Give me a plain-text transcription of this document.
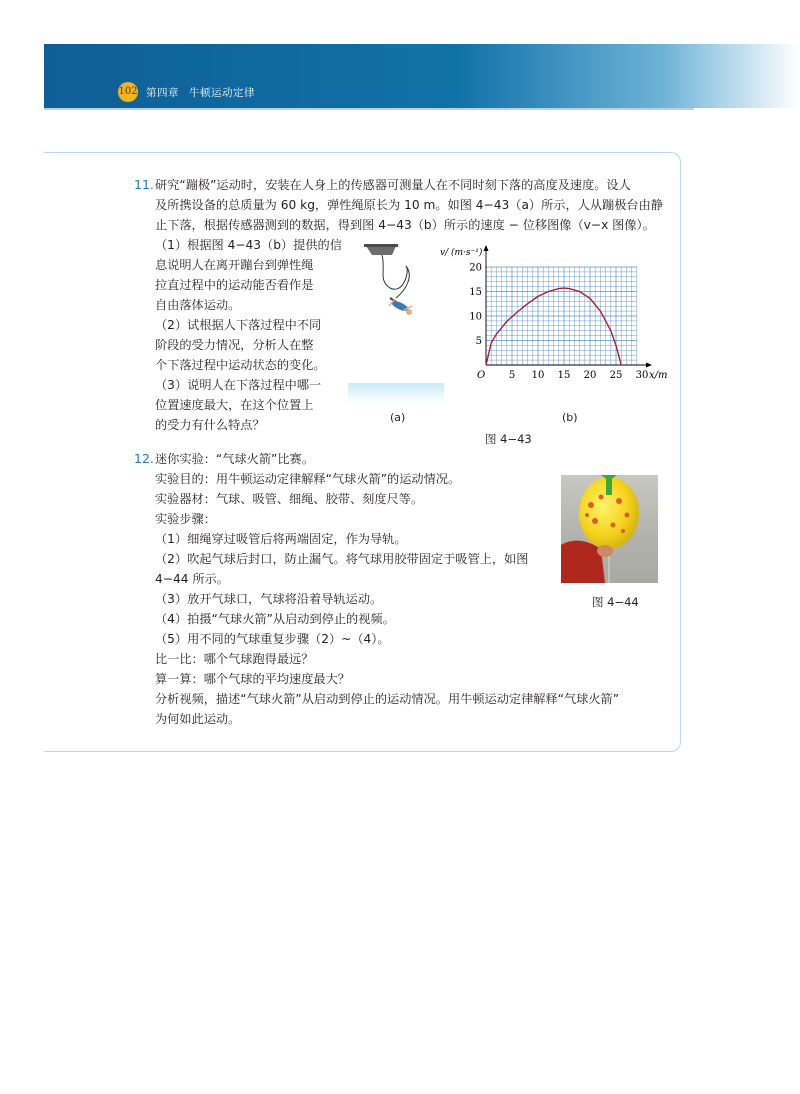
102 第四章 牛顿运动定律
11. 研究“蹦极”运动时，安装在人身上的传感器可测量人在不同时刻下落的高度及速度。设人
及所携设备的总质量为 60 kg，弹性绳原长为 10 m。如图 4−43（a）所示，人从蹦极台由静
止下落，根据传感器测到的数据，得到图 4−43（b）所示的速度 − 位移图像（v−x 图像）。
（1）根据图 4−43（b）提供的信
息说明人在离开蹦台到弹性绳
拉直过程中的运动能否看作是
自由落体运动。
（2）试根据人下落过程中不同
阶段的受力情况，分析人在整
个下落过程中运动状态的变化。
（3）说明人在下落过程中哪一
位置速度最大，在这个位置上
的受力有什么特点？
(a)
5 10 15 20 25 30
5
10
15
20
v/ (m·s⁻¹)
x/m
O
(b)
图 4−43
12. 迷你实验：“气球火箭”比赛。
实验目的：用牛顿运动定律解释“气球火箭”的运动情况。
实验器材：气球、吸管、细绳、胶带、刻度尺等。
实验步骤：
（1）细绳穿过吸管后将两端固定，作为导轨。
（2）吹起气球后封口，防止漏气。将气球用胶带固定于吸管上，如图
4−44 所示。
（3）放开气球口，气球将沿着导轨运动。
（4）拍摄“气球火箭”从启动到停止的视频。
（5）用不同的气球重复步骤（2）~（4）。
比一比：哪个气球跑得最远？
算一算：哪个气球的平均速度最大？
分析视频，描述“气球火箭”从启动到停止的运动情况。用牛顿运动定律解释“气球火箭”
为何如此运动。
图 4−44
